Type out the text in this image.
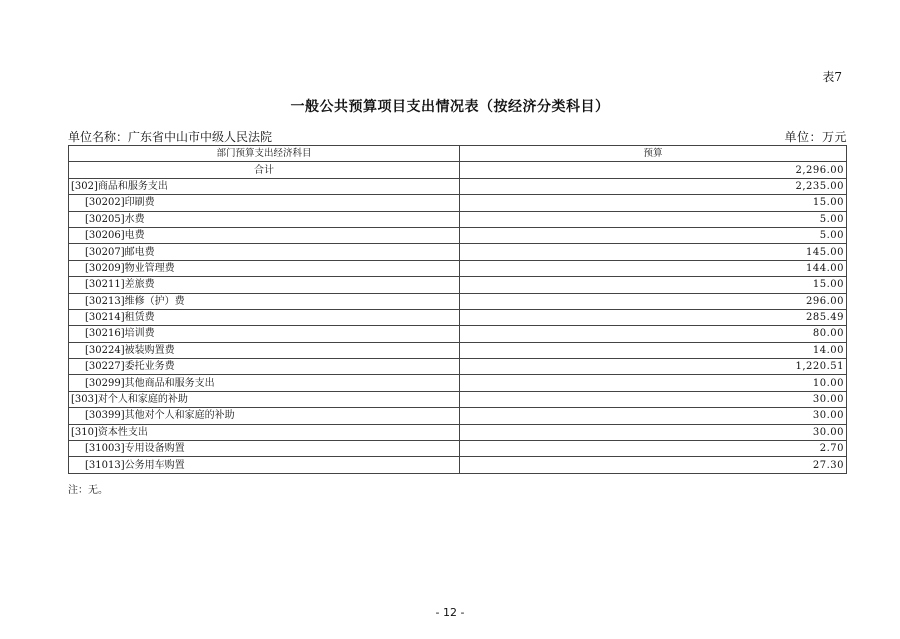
表7
一般公共预算项目支出情况表（按经济分类科目）
单位名称：广东省中山市中级人民法院	单位：万元
部门预算支出经济科目	预算
合计	2,296.00
[302]商品和服务支出	2,235.00
[30202]印刷费	15.00
[30205]水费	5.00
[30206]电费	5.00
[30207]邮电费	145.00
[30209]物业管理费	144.00
[30211]差旅费	15.00
[30213]维修（护）费	296.00
[30214]租赁费	285.49
[30216]培训费	80.00
[30224]被装购置费	14.00
[30227]委托业务费	1,220.51
[30299]其他商品和服务支出	10.00
[303]对个人和家庭的补助	30.00
[30399]其他对个人和家庭的补助	30.00
[310]资本性支出	30.00
[31003]专用设备购置	2.70
[31013]公务用车购置	27.30
注：无。
- 12 -
